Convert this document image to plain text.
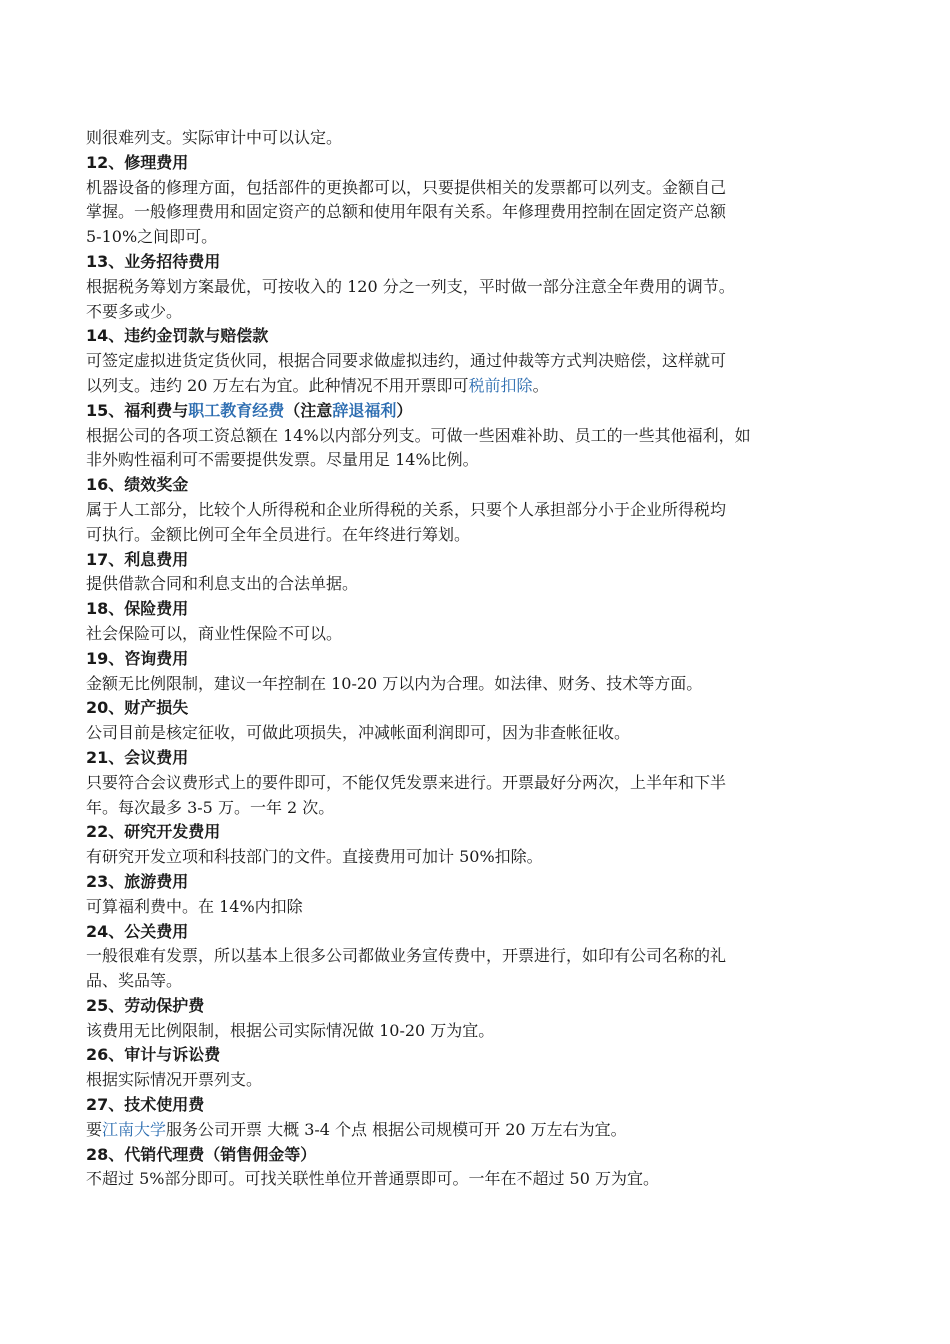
则很难列支。实际审计中可以认定。
12、修理费用
机器设备的修理方面，包括部件的更换都可以，只要提供相关的发票都可以列支。金额自己
掌握。一般修理费用和固定资产的总额和使用年限有关系。年修理费用控制在固定资产总额
5-10%之间即可。
13、业务招待费用
根据税务筹划方案最优，可按收入的 120 分之一列支，平时做一部分注意全年费用的调节。
不要多或少。
14、违约金罚款与赔偿款
可签定虚拟进货定货伙同，根据合同要求做虚拟违约，通过仲裁等方式判决赔偿，这样就可
以列支。违约 20 万左右为宜。此种情况不用开票即可税前扣除。
15、福利费与职工教育经费（注意辞退福利）
根据公司的各项工资总额在 14%以内部分列支。可做一些困难补助、员工的一些其他福利，如
非外购性福利可不需要提供发票。尽量用足 14%比例。
16、绩效奖金
属于人工部分，比较个人所得税和企业所得税的关系，只要个人承担部分小于企业所得税均
可执行。金额比例可全年全员进行。在年终进行筹划。
17、利息费用
提供借款合同和利息支出的合法单据。
18、保险费用
社会保险可以，商业性保险不可以。
19、咨询费用
金额无比例限制，建议一年控制在 10-20 万以内为合理。如法律、财务、技术等方面。
20、财产损失
公司目前是核定征收，可做此项损失，冲减帐面利润即可，因为非查帐征收。
21、会议费用
只要符合会议费形式上的要件即可，不能仅凭发票来进行。开票最好分两次，上半年和下半
年。每次最多 3-5 万。一年 2 次。
22、研究开发费用
有研究开发立项和科技部门的文件。直接费用可加计 50%扣除。
23、旅游费用
可算福利费中。在 14%内扣除
24、公关费用
一般很难有发票，所以基本上很多公司都做业务宣传费中，开票进行，如印有公司名称的礼
品、奖品等。
25、劳动保护费
该费用无比例限制，根据公司实际情况做 10-20 万为宜。
26、审计与诉讼费
根据实际情况开票列支。
27、技术使用费
要江南大学服务公司开票 大概 3-4 个点 根据公司规模可开 20 万左右为宜。
28、代销代理费（销售佣金等）
不超过 5%部分即可。可找关联性单位开普通票即可。一年在不超过 50 万为宜。
